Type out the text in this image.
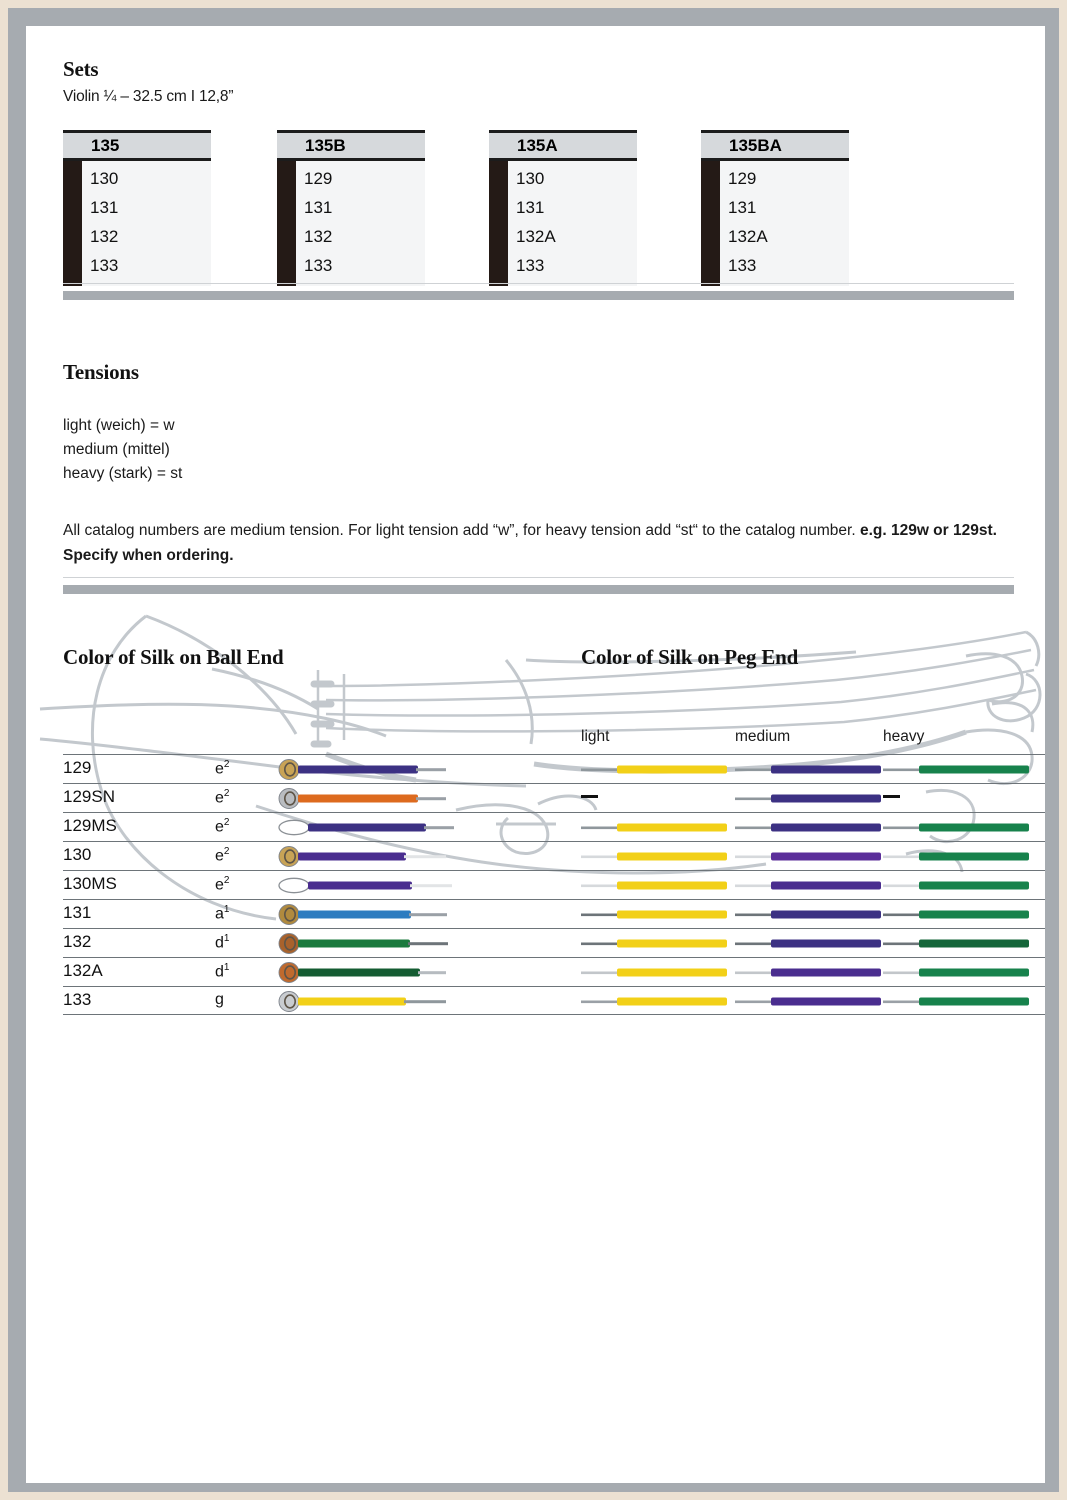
Sets
Violin ¼ – 32.5 cm I 12,8”
135
130
131
132
133
135B
129
131
132
133
135A
130
131
132A
133
135BA
129
131
132A
133
Tensions
light (weich) = w
medium (mittel)
heavy (stark) = st
All catalog numbers are medium tension. For light tension add “w”, for heavy tension add “st“ to the catalog number. e.g. 129w or 129st. Specify when ordering.
Color of Silk on Ball End	Color of Silk on Peg End
light	medium	heavy
129	$e^2$
129SN	$e^2$
129MS	$e^2$
130	$e^2$
130MS	$e^2$
131	$a^1$
132	$d^1$
132A	$d^1$
133	g
